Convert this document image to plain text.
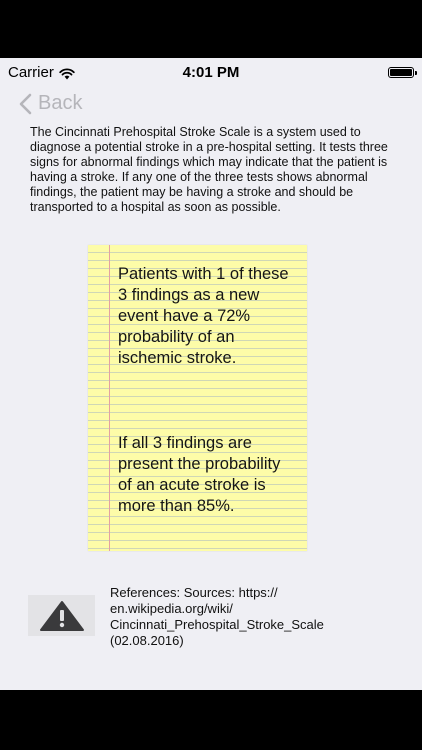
Carrier	4:01 PM
Back
The Cincinnati Prehospital Stroke Scale is a system used to diagnose a potential stroke in a pre-hospital setting. It tests three signs for abnormal findings which may indicate that the patient is having a stroke. If any one of the three tests shows abnormal findings, the patient may be having a stroke and should be transported to a hospital as soon as possible.
Patients with 1 of these 3 findings as a new event have a 72% probability of an ischemic stroke.
If all 3 findings are present the probability of an acute stroke is more than 85%.
References: Sources: https:// en.wikipedia.org/wiki/ Cincinnati_Prehospital_Stroke_Scale (02.08.2016)
